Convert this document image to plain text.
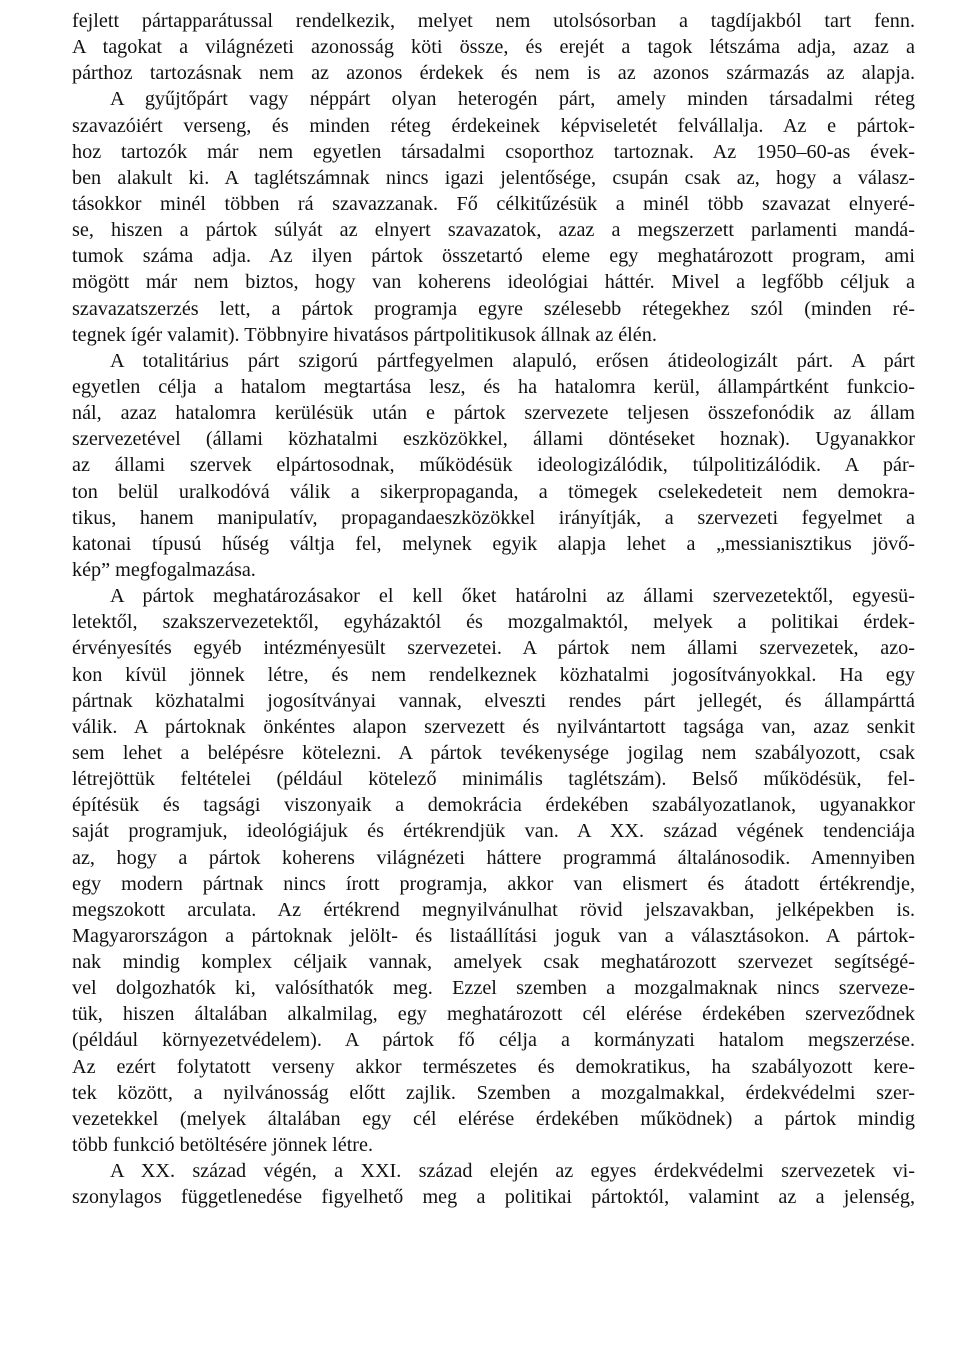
fejlett pártapparátussal rendelkezik, melyet nem utolsósorban a tagdíjakból tart fenn.
A tagokat a világnézeti azonosság köti össze, és erejét a tagok létszáma adja, azaz a
párthoz tartozásnak nem az azonos érdekek és nem is az azonos származás az alapja.
A gyűjtőpárt vagy néppárt olyan heterogén párt, amely minden társadalmi réteg
szavazóiért verseng, és minden réteg érdekeinek képviseletét felvállalja. Az e pártok-
hoz tartozók már nem egyetlen társadalmi csoporthoz tartoznak. Az 1950–60-as évek-
ben alakult ki. A taglétszámnak nincs igazi jelentősége, csupán csak az, hogy a válasz-
tásokkor minél többen rá szavazzanak. Fő célkitűzésük a minél több szavazat elnyeré-
se, hiszen a pártok súlyát az elnyert szavazatok, azaz a megszerzett parlamenti mandá-
tumok száma adja. Az ilyen pártok összetartó eleme egy meghatározott program, ami
mögött már nem biztos, hogy van koherens ideológiai háttér. Mivel a legfőbb céljuk a
szavazatszerzés lett, a pártok programja egyre szélesebb rétegekhez szól (minden ré-
tegnek ígér valamit). Többnyire hivatásos pártpolitikusok állnak az élén.
A totalitárius párt szigorú pártfegyelmen alapuló, erősen átideologizált párt. A párt
egyetlen célja a hatalom megtartása lesz, és ha hatalomra kerül, állampártként funkcio-
nál, azaz hatalomra kerülésük után e pártok szervezete teljesen összefonódik az állam
szervezetével (állami közhatalmi eszközökkel, állami döntéseket hoznak). Ugyanakkor
az állami szervek elpártosodnak, működésük ideologizálódik, túlpolitizálódik. A pár-
ton belül uralkodóvá válik a sikerpropaganda, a tömegek cselekedeteit nem demokra-
tikus, hanem manipulatív, propagandaeszközökkel irányítják, a szervezeti fegyelmet a
katonai típusú hűség váltja fel, melynek egyik alapja lehet a „messianisztikus jövő-
kép” megfogalmazása.
A pártok meghatározásakor el kell őket határolni az állami szervezetektől, egyesü-
letektől, szakszervezetektől, egyházaktól és mozgalmaktól, melyek a politikai érdek-
érvényesítés egyéb intézményesült szervezetei. A pártok nem állami szervezetek, azo-
kon kívül jönnek létre, és nem rendelkeznek közhatalmi jogosítványokkal. Ha egy
pártnak közhatalmi jogosítványai vannak, elveszti rendes párt jellegét, és állampárttá
válik. A pártoknak önkéntes alapon szervezett és nyilvántartott tagsága van, azaz senkit
sem lehet a belépésre kötelezni. A pártok tevékenysége jogilag nem szabályozott, csak
létrejöttük feltételei (például kötelező minimális taglétszám). Belső működésük, fel-
építésük és tagsági viszonyaik a demokrácia érdekében szabályozatlanok, ugyanakkor
saját programjuk, ideológiájuk és értékrendjük van. A XX. század végének tendenciája
az, hogy a pártok koherens világnézeti háttere programmá általánosodik. Amennyiben
egy modern pártnak nincs írott programja, akkor van elismert és átadott értékrendje,
megszokott arculata. Az értékrend megnyilvánulhat rövid jelszavakban, jelképekben is.
Magyarországon a pártoknak jelölt- és listaállítási joguk van a választásokon. A pártok-
nak mindig komplex céljaik vannak, amelyek csak meghatározott szervezet segítségé-
vel dolgozhatók ki, valósíthatók meg. Ezzel szemben a mozgalmaknak nincs szerveze-
tük, hiszen általában alkalmilag, egy meghatározott cél elérése érdekében szerveződnek
(például környezetvédelem). A pártok fő célja a kormányzati hatalom megszerzése.
Az ezért folytatott verseny akkor természetes és demokratikus, ha szabályozott kere-
tek között, a nyilvánosság előtt zajlik. Szemben a mozgalmakkal, érdekvédelmi szer-
vezetekkel (melyek általában egy cél elérése érdekében működnek) a pártok mindig
több funkció betöltésére jönnek létre.
A XX. század végén, a XXI. század elején az egyes érdekvédelmi szervezetek vi-
szonylagos függetlenedése figyelhető meg a politikai pártoktól, valamint az a jelenség,
